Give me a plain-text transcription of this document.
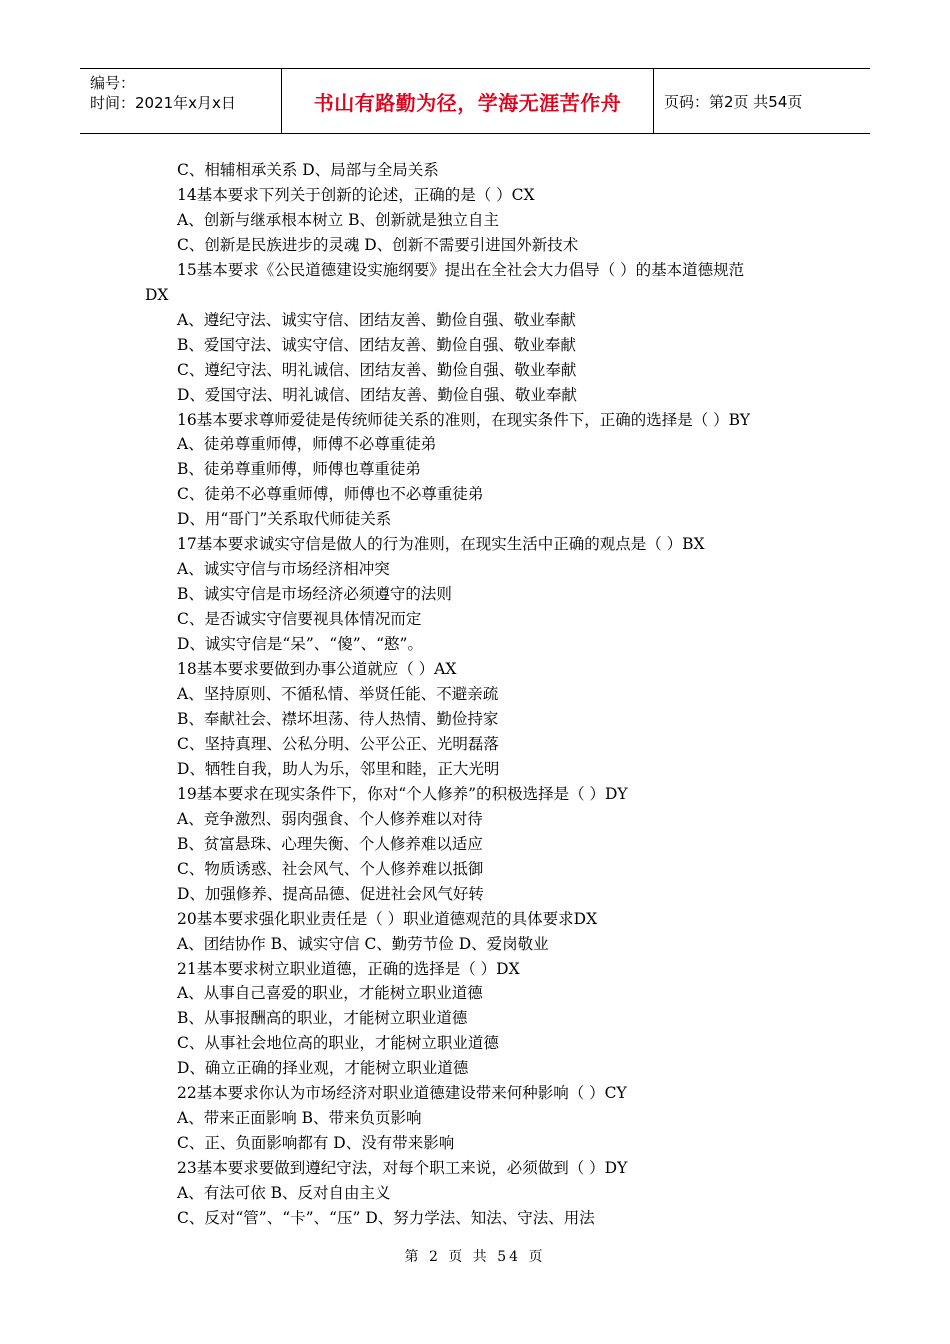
编号：
时间：2021年x月x日	书山有路勤为径，学海无涯苦作舟	页码：第2页 共54页
C、相辅相承关系 D、局部与全局关系
14基本要求下列关于创新的论述，正确的是（ ）CX
A、创新与继承根本树立 B、创新就是独立自主
C、创新是民族进步的灵魂 D、创新不需要引进国外新技术
15基本要求《公民道德建设实施纲要》提出在全社会大力倡导（ ）的基本道德规范
DX
A、遵纪守法、诚实守信、团结友善、勤俭自强、敬业奉献
B、爱国守法、诚实守信、团结友善、勤俭自强、敬业奉献
C、遵纪守法、明礼诚信、团结友善、勤俭自强、敬业奉献
D、爱国守法、明礼诚信、团结友善、勤俭自强、敬业奉献
16基本要求尊师爱徒是传统师徒关系的准则，在现实条件下，正确的选择是（ ）BY
A、徒弟尊重师傅，师傅不必尊重徒弟
B、徒弟尊重师傅，师傅也尊重徒弟
C、徒弟不必尊重师傅，师傅也不必尊重徒弟
D、用“哥门”关系取代师徒关系
17基本要求诚实守信是做人的行为准则，在现实生活中正确的观点是（ ）BX
A、诚实守信与市场经济相冲突
B、诚实守信是市场经济必须遵守的法则
C、是否诚实守信要视具体情况而定
D、诚实守信是“呆”、“傻”、“憨”。
18基本要求要做到办事公道就应（ ）AX
A、坚持原则、不循私情、举贤任能、不避亲疏
B、奉献社会、襟坏坦荡、待人热情、勤俭持家
C、坚持真理、公私分明、公平公正、光明磊落
D、牺牲自我，助人为乐，邻里和睦，正大光明
19基本要求在现实条件下，你对“个人修养”的积极选择是（ ）DY
A、竞争激烈、弱肉强食、个人修养难以对待
B、贫富悬珠、心理失衡、个人修养难以适应
C、物质诱惑、社会风气、个人修养难以抵御
D、加强修养、提高品德、促进社会风气好转
20基本要求强化职业责任是（ ）职业道德观范的具体要求DX
A、团结协作 B、诚实守信 C、勤劳节俭 D、爱岗敬业
21基本要求树立职业道德，正确的选择是（ ）DX
A、从事自己喜爱的职业，才能树立职业道德
B、从事报酬高的职业，才能树立职业道德
C、从事社会地位高的职业，才能树立职业道德
D、确立正确的择业观，才能树立职业道德
22基本要求你认为市场经济对职业道德建设带来何种影响（ ）CY
A、带来正面影响 B、带来负页影响
C、正、负面影响都有 D、没有带来影响
23基本要求要做到遵纪守法，对每个职工来说，必须做到（ ）DY
A、有法可依 B、反对自由主义
C、反对“管”、“卡”、“压” D、努力学法、知法、守法、用法
第 2 页 共 54 页
